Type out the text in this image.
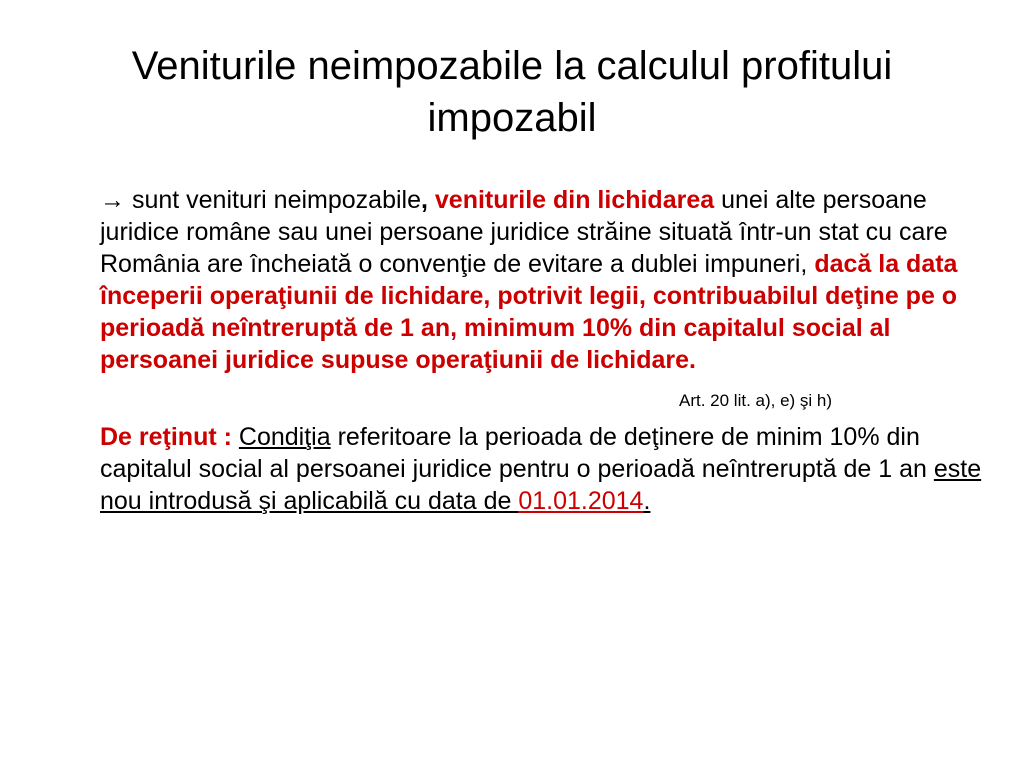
Veniturile neimpozabile la calculul profitului impozabil

→ sunt venituri neimpozabile, veniturile din lichidarea unei alte persoane juridice române sau unei persoane juridice străine situată într-un stat cu care România are încheiată o convenţie de evitare a dublei impuneri, dacă la data începerii operaţiunii de lichidare, potrivit legii, contribuabilul deţine pe o perioadă neîntreruptă de 1 an, minimum 10% din capitalul social al persoanei juridice supuse operaţiunii de lichidare.

Art. 20 lit. a), e) şi h)

De reţinut : Condiţia referitoare la perioada de deţinere de minim 10% din capitalul social al persoanei juridice pentru o perioadă neîntreruptă de 1 an este nou introdusă şi aplicabilă cu data de 01.01.2014.
